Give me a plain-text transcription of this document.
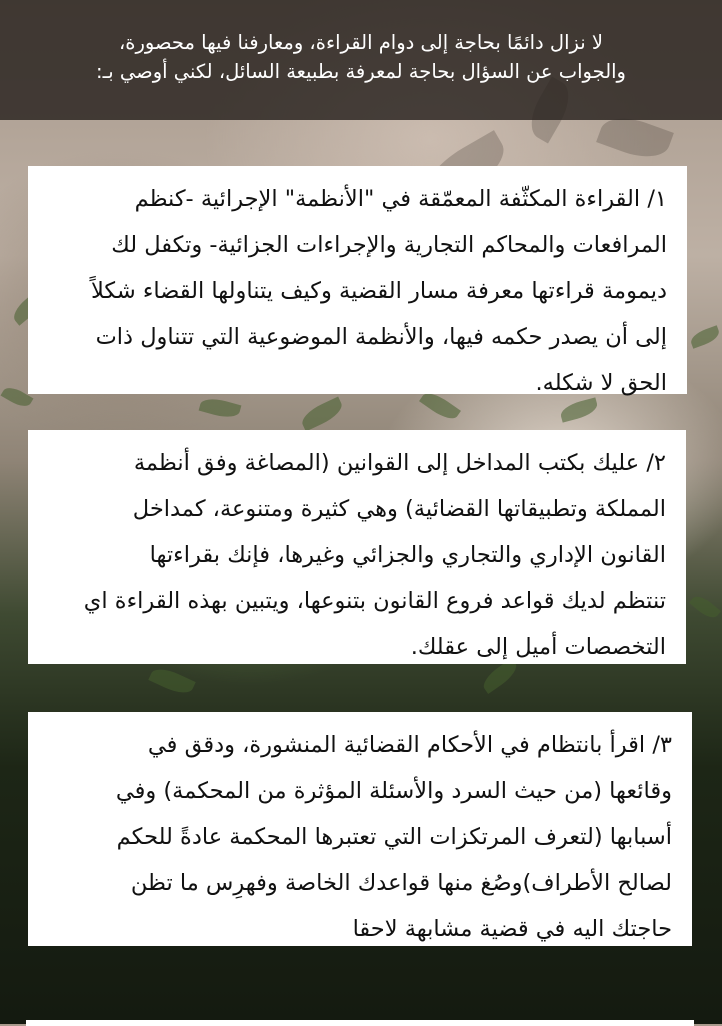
لا نزال دائمًا بحاجة إلى دوام القراءة، ومعارفنا فيها محصورة،
والجواب عن السؤال بحاجة لمعرفة بطبيعة السائل، لكني أوصي بـ:
١/ القراءة المكثّفة المعمّقة في "الأنظمة" الإجرائية -كنظم
المرافعات والمحاكم التجارية والإجراءات الجزائية- وتكفل لك
ديمومة قراءتها معرفة مسار القضية وكيف يتناولها القضاء شكلاً
إلى أن يصدر حكمه فيها، والأنظمة الموضوعية التي تتناول ذات
الحق لا شكله.
٢/ عليك بكتب المداخل إلى القوانين (المصاغة وفق أنظمة
المملكة وتطبيقاتها القضائية) وهي كثيرة ومتنوعة، كمداخل
القانون الإداري والتجاري والجزائي وغيرها، فإنك بقراءتها
تنتظم لديك قواعد فروع القانون بتنوعها، ويتبين بهذه القراءة اي
التخصصات أميل إلى عقلك.
٣/ اقرأ بانتظام في الأحكام القضائية المنشورة، ودقق في
وقائعها (من حيث السرد والأسئلة المؤثرة من المحكمة) وفي
أسبابها (لتعرف المرتكزات التي تعتبرها المحكمة عادةً للحكم
لصالح الأطراف)وصُغ منها قواعدك الخاصة وفهرِس ما تظن
حاجتك اليه في قضية مشابهة لاحقا
